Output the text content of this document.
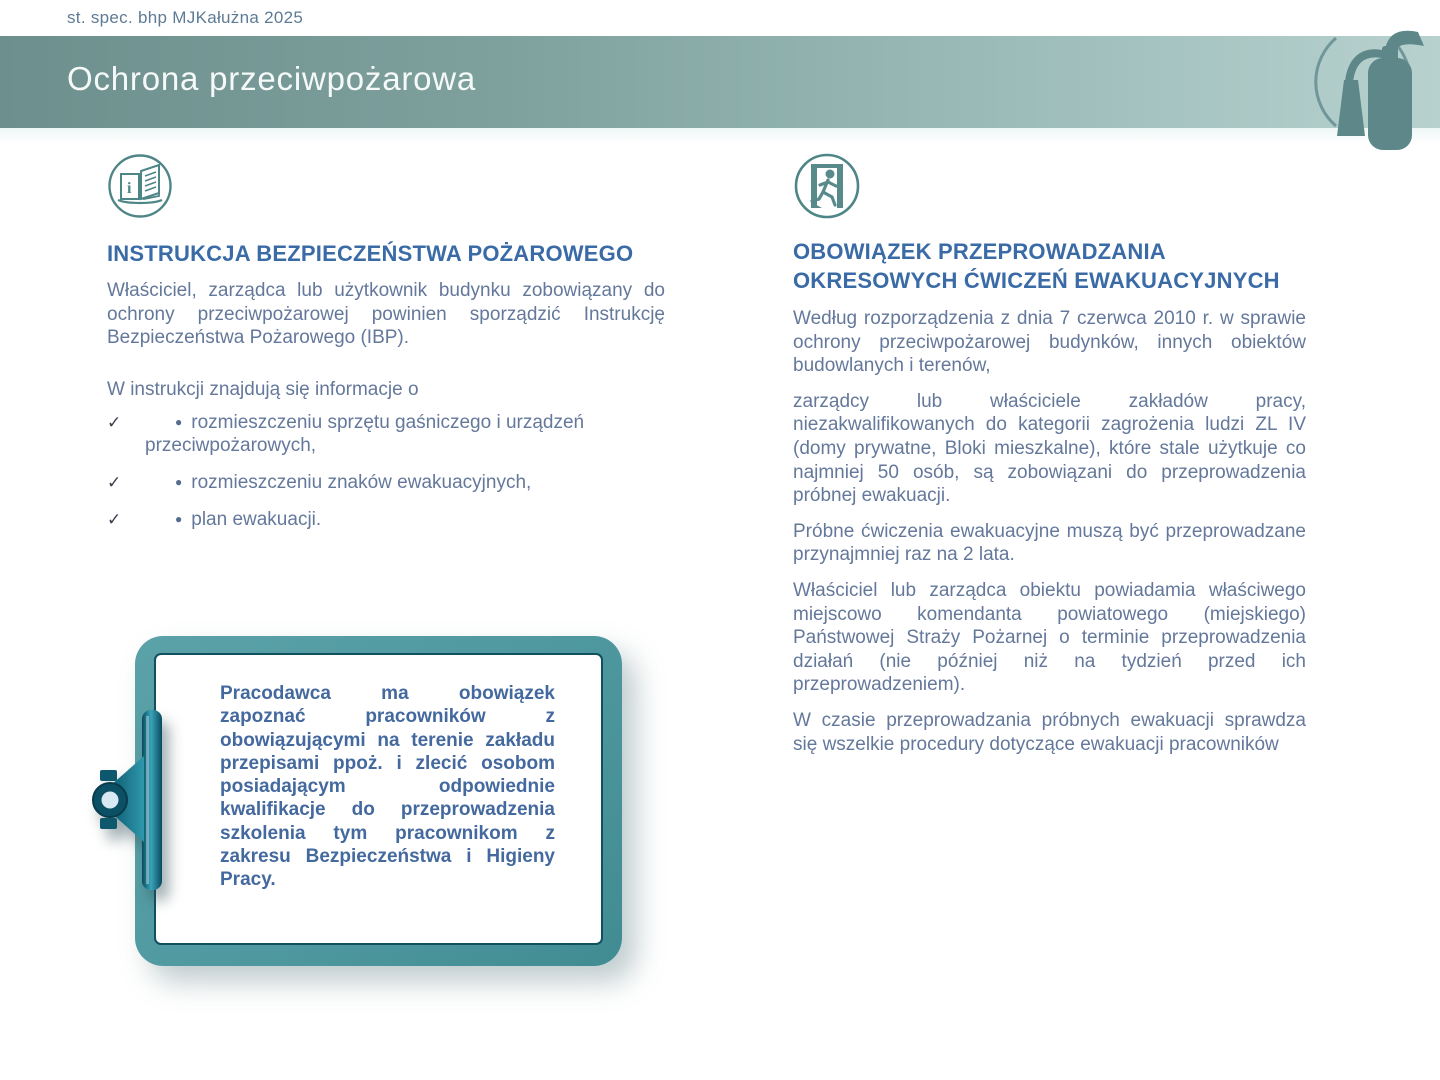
st. spec. bhp MJKałużna 2025
Ochrona przeciwpożarowa
i
INSTRUKCJA BEZPIECZEŃSTWA POŻAROWEGO

Właściciel, zarządca lub użytkownik budynku zobowiązany do ochrony przeciwpożarowej powinien sporządzić Instrukcję Bezpieczeństwa Pożarowego (IBP).

W instrukcji znajdują się informacje o

✓	● rozmieszczeniu sprzętu gaśniczego i urządzeń przeciwpożarowych,
✓	● rozmieszczeniu znaków ewakuacyjnych,
✓	● plan ewakuacji.

Pracodawca ma obowiązek zapoznać pracowników z obowiązującymi na terenie zakładu przepisami ppoż. i zlecić osobom posiadającym odpowiednie kwalifikacje do przeprowadzenia szkolenia tym pracownikom z zakresu Bezpieczeństwa i Higieny Pracy.

OBOWIĄZEK PRZEPROWADZANIA OKRESOWYCH ĆWICZEŃ EWAKUACYJNYCH

Według rozporządzenia z dnia 7 czerwca 2010 r. w sprawie ochrony przeciwpożarowej budynków, innych obiektów budowlanych i terenów,

zarządcy lub właściciele zakładów pracy, niezakwalifikowanych do kategorii zagrożenia ludzi ZL IV (domy prywatne, Bloki mieszkalne), które stale użytkuje co najmniej 50 osób, są zobowiązani do przeprowadzenia próbnej ewakuacji.

Próbne ćwiczenia ewakuacyjne muszą być przeprowadzane przynajmniej raz na 2 lata.

Właściciel lub zarządca obiektu powiadamia właściwego miejscowo komendanta powiatowego (miejskiego) Państwowej Straży Pożarnej o terminie przeprowadzenia działań (nie później niż na tydzień przed ich przeprowadzeniem).

W czasie przeprowadzania próbnych ewakuacji sprawdza się wszelkie procedury dotyczące ewakuacji pracowników
